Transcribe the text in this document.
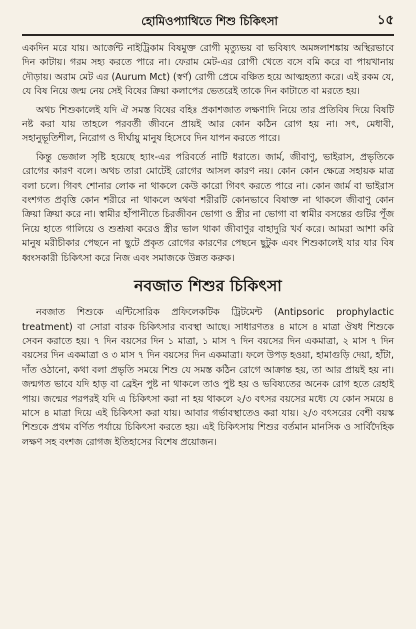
হোমিওপ্যাথিতে শিশু চিকিৎসা	১৫

একদিন মরে যায়। আর্জেন্ট নাইট্রিকাম বিষমুক্ত রোগী মৃত্যুভয় বা ভবিষ্যৎ অমঙ্গলাশঙ্কায় অস্থিরভাবে দিন কাটায়। গরম সহ্য করতে পারে না। ফেরাম মেট-এর রোগী খেতে বসে বমি করে বা পায়খানায় দৌড়ায়। অরাম মেট এর (Aurum Mct) (স্বর্ণ) রোগী প্রেমে বঞ্চিত হয়ে আত্মহত্যা করে। এই রকম যে, যে বিষ নিয়ে জন্ম নেয় সেই বিষের ক্রিয়া কলাপের ভেতরেই তাকে দিন কাটাতে বা মরতে হয়।

অথচ শিশুকালেই যদি ঐ সমস্ত বিষের বহিঃ প্রকাশজাত লক্ষণাদি নিয়ে তার প্রতিবিষ দিয়ে বিষটি নষ্ট করা যায় তাহলে পরবর্তী জীবনে প্রায়ই আর কোন কঠিন রোগ হয় না। সৎ, মেধাবী, সহানুভূতিশীল, নিরোগ ও দীর্ঘায়ু মানুষ হিসেবে দিন যাপন করতে পারে।

কিন্তু ভেজাল সৃষ্টি হয়েছে হ্যাং-এর পরিবর্তে নাটি ধরাতে। জার্ম, জীবাণু, ভাইরাস, প্রভৃতিকে রোগের কারণ বলে। অথচ তারা মোটেই রোগের আসল কারণ নয়। কোন কোন ক্ষেত্রে সহায়ক মাত্র বলা চলে। গিবৎ শোনার লোক না থাকলে কেউ কারো গিবৎ করতে পারে না। কোন জার্ম বা ভাইরাস বংশগত প্রবৃত্তি কোন শরীরে না থাকলে অথবা শরীরটি কোনভাবে বিষাক্ত না থাকলে জীবাণু কোন ক্রিয়া ক্রিয়া করে না। স্বামীর হাঁপানীতে চিরজীবন ভোগা ও স্ত্রীর না ভোগা বা স্বামীর বসন্তের গুটির পূঁজ নিয়ে হাতে গালিয়ে ও শুশ্রূষা করেও স্ত্রীর ভাল থাকা জীবাণুর বাহাদুরি খর্ব করে। আমরা আশা করি মানুষ মরীচীকার পেছনে না ছুটে প্রকৃত রোগের কারণের পেছনে ছুটুক এবং শিশুকালেই যার যার বিষ ধ্বংসকারী চিকিৎসা করে নিজ এবং সমাজকে উন্নত করুক।

নবজাত শিশুর চিকিৎসা

নবজাত শিশুকে এন্টিসোরিক প্রফিলেকটিক ট্রিটমেন্ট (Antipsoric prophylactic treatment) বা সোরা বারক চিকিৎসার ব্যবস্থা আছে। সাধারণতঃ ৪ মাসে ৪ মাত্রা ঔষধ শিশুকে সেবন করাতে হয়। ৭ দিন বয়সের দিন ১ মাত্রা, ১ মাস ৭ দিন বয়সের দিন একমাত্রা, ২ মাস ৭ দিন বয়সের দিন একমাত্রা ও ৩ মাস ৭ দিন বয়সের দিন একমাত্রা। ফলে উপড় হওয়া, হামাগুড়ি দেয়া, হাঁটা, দাঁত ওঠানো, কথা বলা প্রভৃতি সময়ে শিশু যে সমস্ত কঠিন রোগে আক্রান্ত হয়, তা আর প্রায়ই হয় না। জন্মগত ভাবে যদি হাড় বা ব্রেইন পুষ্ট না থাকলে তাও পুষ্ট হয় ও ভবিষ্যতের অনেক রোগ হতে রেহাই পায়। জন্মের পরপরই যদি এ চিকিৎসা করা না হয় থাকলে ২/৩ বৎসর বয়সের মধ্যে যে কোন সময়ে ৪ মাসে ৪ মাত্রা দিয়ে এই চিকিৎসা করা যায়। আবার গর্ভাবস্থাতেও করা যায়। ২/৩ বৎসরের বেশী বয়স্ক শিশুকে প্রথম বর্ণিত পর্যায়ে চিকিৎসা করতে হয়। এই চিকিৎসায় শিশুর বর্তমান মানসিক ও সার্বিদৈহিক লক্ষণ সহ বংশজ রোগজ ইতিহাসের বিশেষ প্রয়োজন।
